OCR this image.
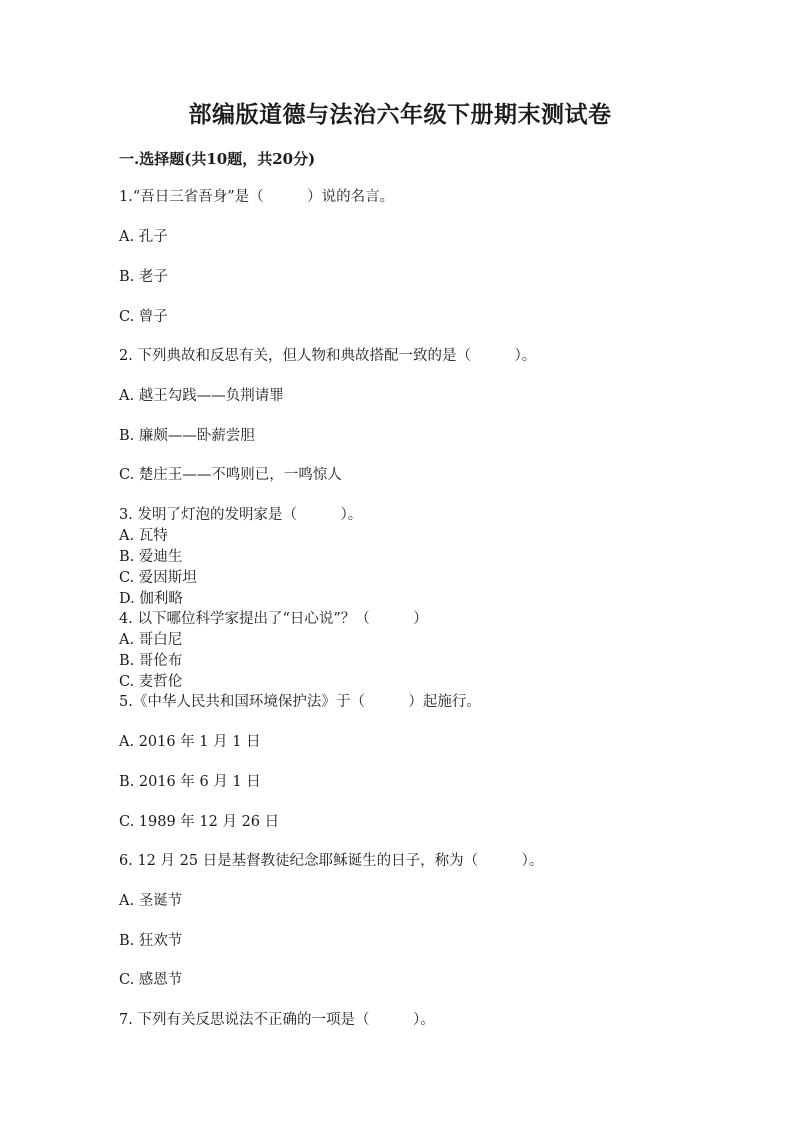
部编版道德与法治六年级下册期末测试卷
一.选择题(共10题，共20分)
1.“吾日三省吾身”是（　　　）说的名言。
A. 孔子
B. 老子
C. 曾子
2. 下列典故和反思有关，但人物和典故搭配一致的是（　　　）。
A. 越王勾践——负荆请罪
B. 廉颇——卧薪尝胆
C. 楚庄王——不鸣则已，一鸣惊人
3. 发明了灯泡的发明家是（　　　）。
A. 瓦特
B. 爱迪生
C. 爱因斯坦
D. 伽利略
4. 以下哪位科学家提出了“日心说”？（　　　）
A. 哥白尼
B. 哥伦布
C. 麦哲伦
5.《中华人民共和国环境保护法》于（　　　）起施行。
A. 2016 年 1 月 1 日
B. 2016 年 6 月 1 日
C. 1989 年 12 月 26 日
6. 12 月 25 日是基督教徒纪念耶稣诞生的日子，称为（　　　）。
A. 圣诞节
B. 狂欢节
C. 感恩节
7. 下列有关反思说法不正确的一项是（　　　）。
